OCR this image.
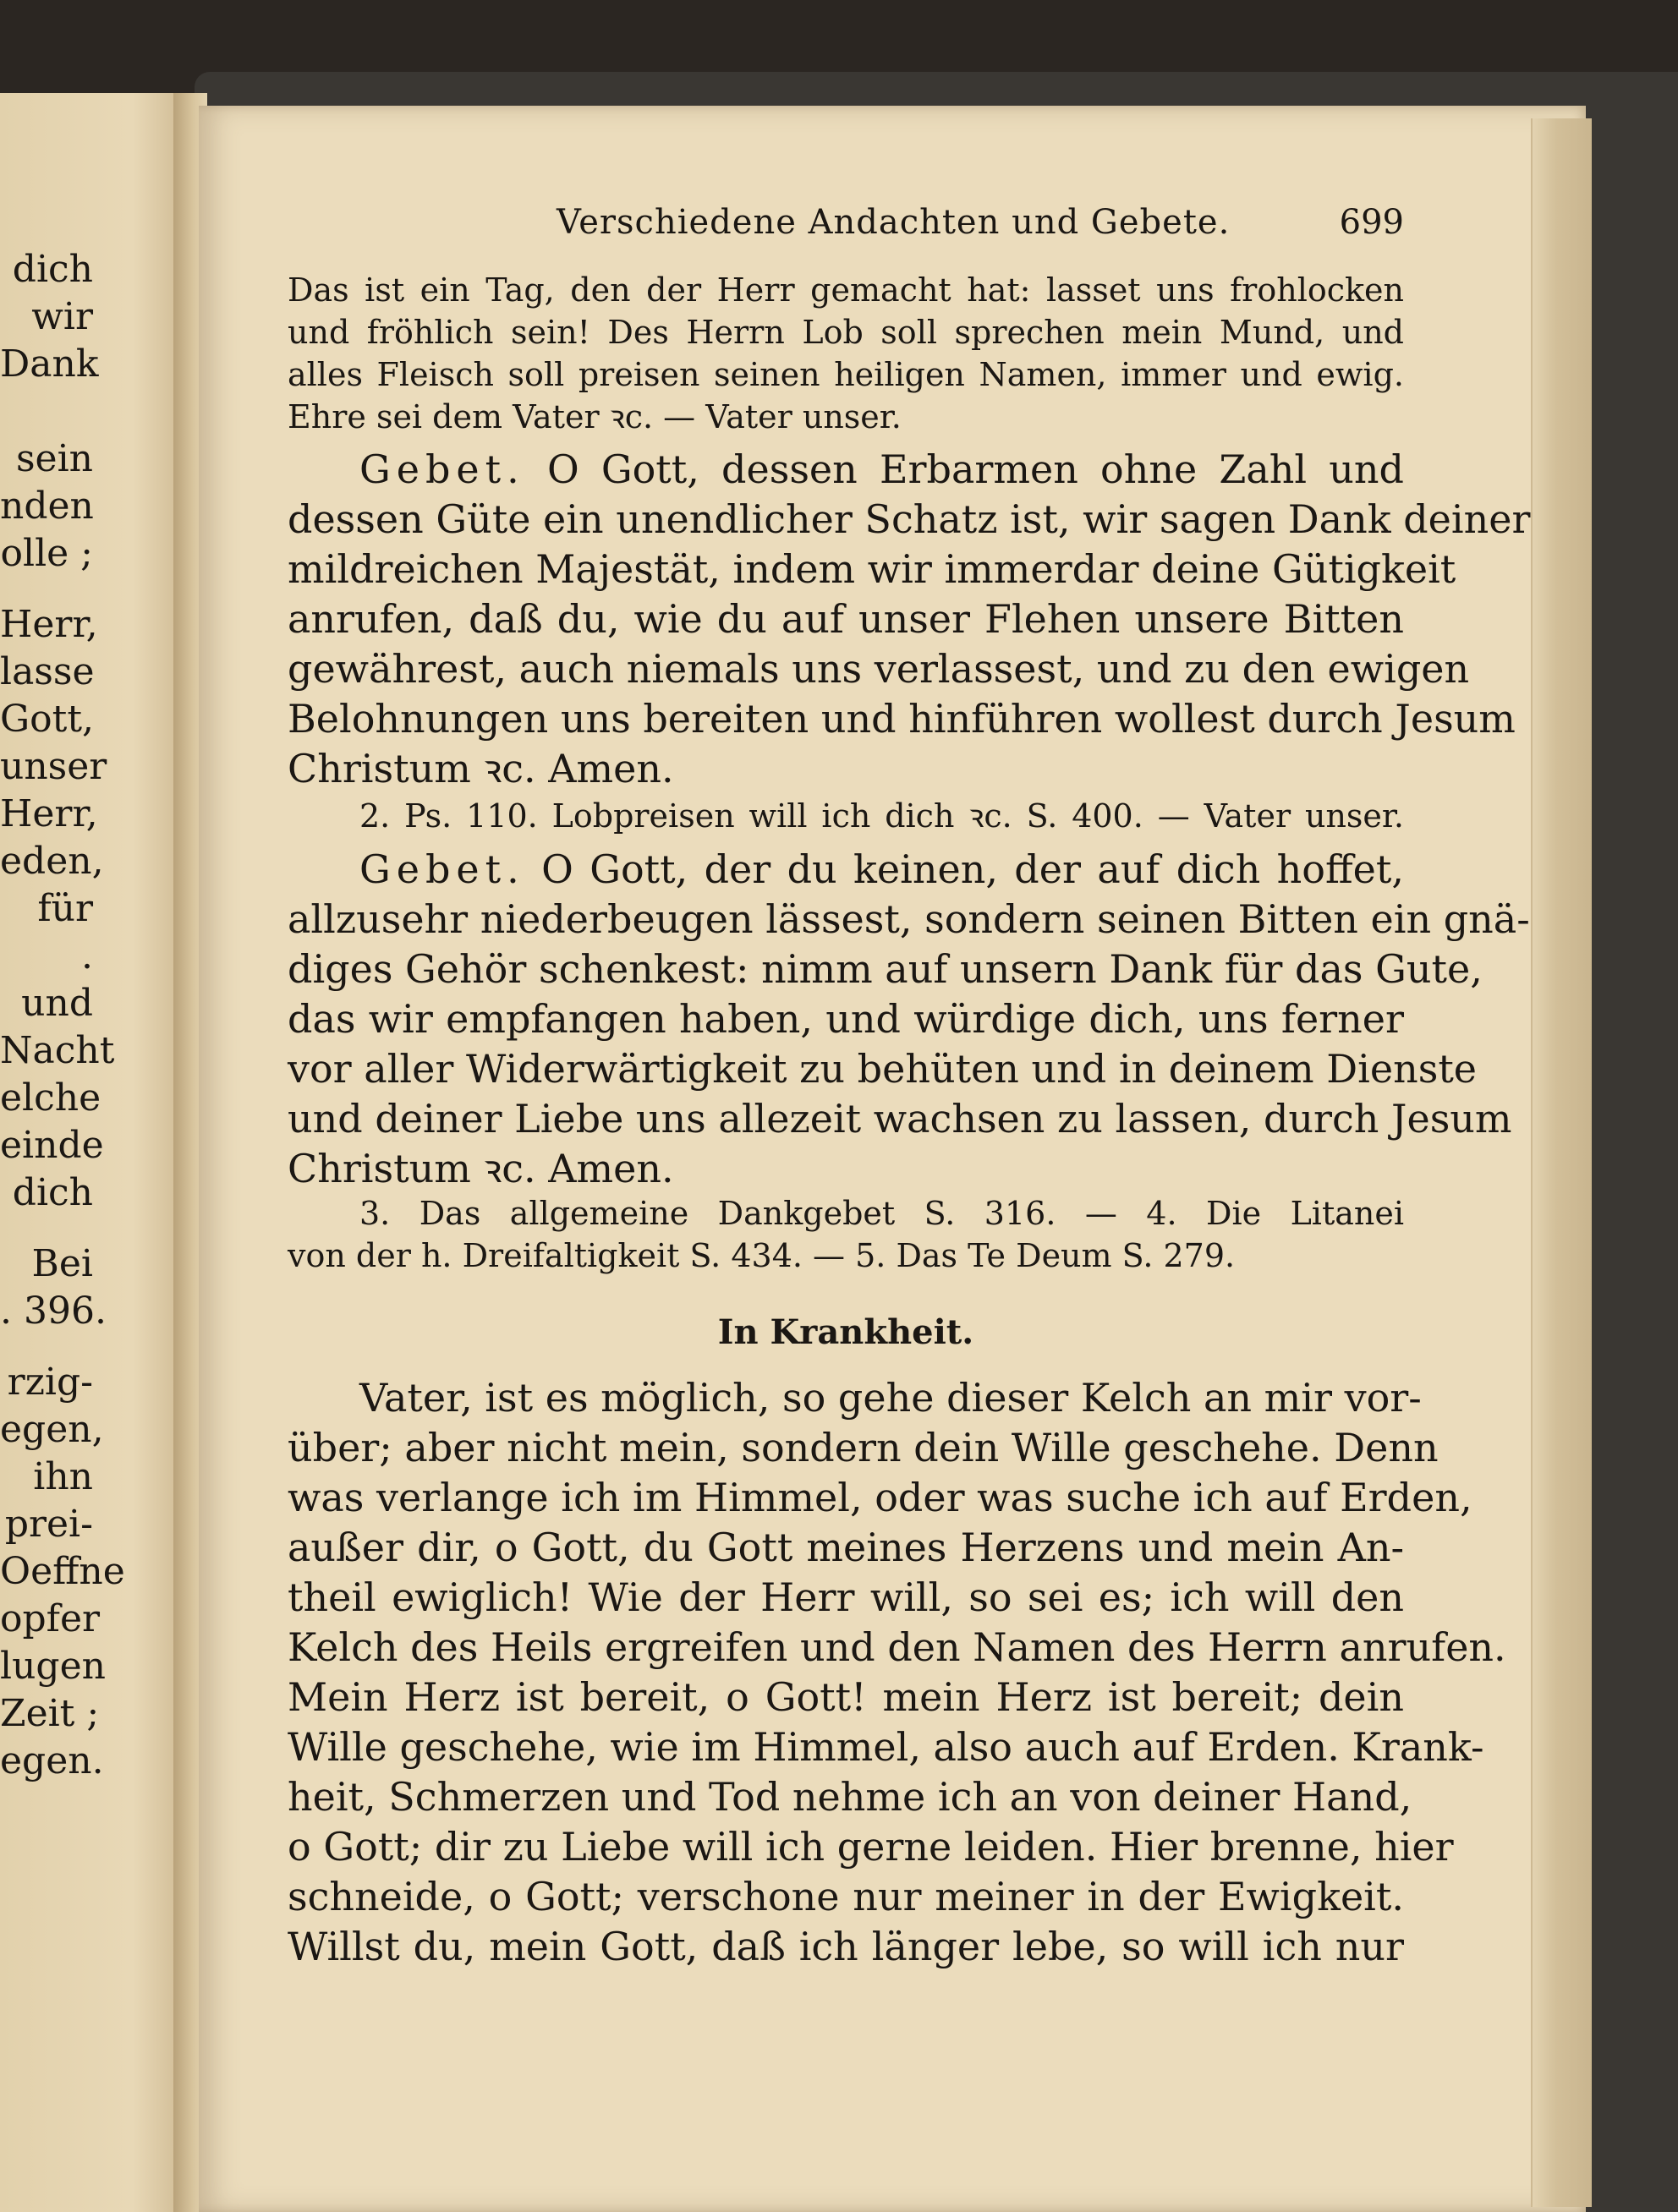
dich
wir
Dank
sein
nden
olle ;
Herr,
lasse
Gott,
unser
Herr,
eden,
für
.
und
Nacht
elche
einde
dich
Bei
. 396.
rzig-
egen,
ihn
prei-
Oeffne
opfer
lugen
Zeit ;
egen.
Verschiedene Andachten und Gebete.	699
Das ist ein Tag, den der Herr gemacht hat: lasset uns frohlocken
und fröhlich sein! Des Herrn Lob soll sprechen mein Mund, und
alles Fleisch soll preisen seinen heiligen Namen, immer und ewig.
Ehre sei dem Vater ꝛc. — Vater unser.
Gebet. O Gott, dessen Erbarmen ohne Zahl und
dessen Güte ein unendlicher Schatz ist, wir sagen Dank deiner
mildreichen Majestät, indem wir immerdar deine Gütigkeit
anrufen, daß du, wie du auf unser Flehen unsere Bitten
gewährest, auch niemals uns verlassest, und zu den ewigen
Belohnungen uns bereiten und hinführen wollest durch Jesum
Christum ꝛc. Amen.
2. Ps. 110. Lobpreisen will ich dich ꝛc. S. 400. — Vater unser.
Gebet. O Gott, der du keinen, der auf dich hoffet,
allzusehr niederbeugen lässest, sondern seinen Bitten ein gnä-
diges Gehör schenkest: nimm auf unsern Dank für das Gute,
das wir empfangen haben, und würdige dich, uns ferner
vor aller Widerwärtigkeit zu behüten und in deinem Dienste
und deiner Liebe uns allezeit wachsen zu lassen, durch Jesum
Christum ꝛc. Amen.
3. Das allgemeine Dankgebet S. 316. — 4. Die Litanei
von der h. Dreifaltigkeit S. 434. — 5. Das Te Deum S. 279.
In Krankheit.
Vater, ist es möglich, so gehe dieser Kelch an mir vor-
über; aber nicht mein, sondern dein Wille geschehe. Denn
was verlange ich im Himmel, oder was suche ich auf Erden,
außer dir, o Gott, du Gott meines Herzens und mein An-
theil ewiglich! Wie der Herr will, so sei es; ich will den
Kelch des Heils ergreifen und den Namen des Herrn anrufen.
Mein Herz ist bereit, o Gott! mein Herz ist bereit; dein
Wille geschehe, wie im Himmel, also auch auf Erden. Krank-
heit, Schmerzen und Tod nehme ich an von deiner Hand,
o Gott; dir zu Liebe will ich gerne leiden. Hier brenne, hier
schneide, o Gott; verschone nur meiner in der Ewigkeit.
Willst du, mein Gott, daß ich länger lebe, so will ich nur
